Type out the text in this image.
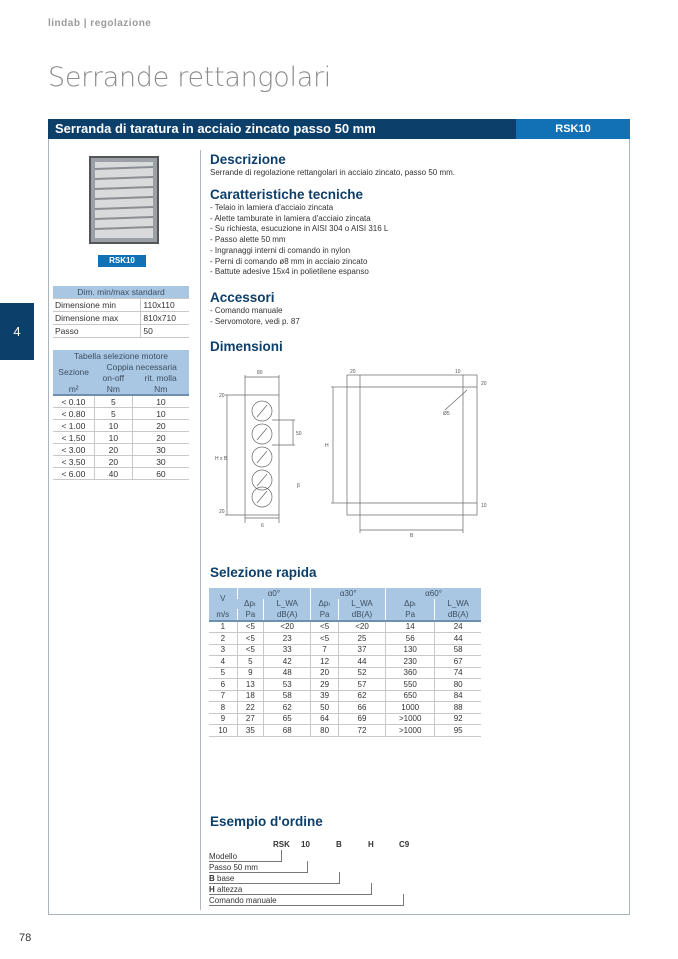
lindab | regolazione
Serrande rettangolari
4
Serranda di taratura in acciaio zincato passo 50 mm	RSK10
RSK10
Dim. min/max standard	
Dimensione min	110x110
Dimensione max	810x710
Passo	50
Tabella selezione motore		
Sezione	Coppia necessaria	
	on-off	rit. molla
m²	Nm	Nm
< 0.10	5	10
< 0.80	5	10
< 1.00	10	20
< 1.50	10	20
< 3.00	20	30
< 3.50	20	30
< 6.00	40	60
Descrizione
Serrande di regolazione rettangolari in acciaio zincato, passo 50 mm.
Caratteristiche tecniche
- Telaio in lamiera d'acciaio zincata
- Alette tamburate in lamiera d'acciaio zincata
- Su richiesta, esucuzione in AISI 304 o AISI 316 L
- Passo alette 50 mm
- Ingranaggi interni di comando in nylon
- Perni di comando ø8 mm in acciaio zincato
- Battute adesive 15x4 in polietilene espanso
Accessori
- Comando manuale
- Servomotore, vedi p. 87
Dimensioni
80
20
H x B
50
20
6
β
20	10
20
Ø5
H
10
B
Selezione rapida
V	α0°		α30°		α60°	
	Δpₜ	L_WA	Δpₜ	L_WA	Δpₜ	L_WA
m/s	Pa	dB(A)	Pa	dB(A)	Pa	dB(A)
1	<5	<20	<5	<20	14	24
2	<5	23	<5	25	56	44
3	<5	33	7	37	130	58
4	5	42	12	44	230	67
5	9	48	20	52	360	74
6	13	53	29	57	550	80
7	18	58	39	62	650	84
8	22	62	50	66	1000	88
9	27	65	64	69	>1000	92
10	35	68	80	72	>1000	95
Esempio d'ordine
RSK 10	B	H	C9
Modello
Passo 50 mm
B base
H altezza
Comando manuale
78
